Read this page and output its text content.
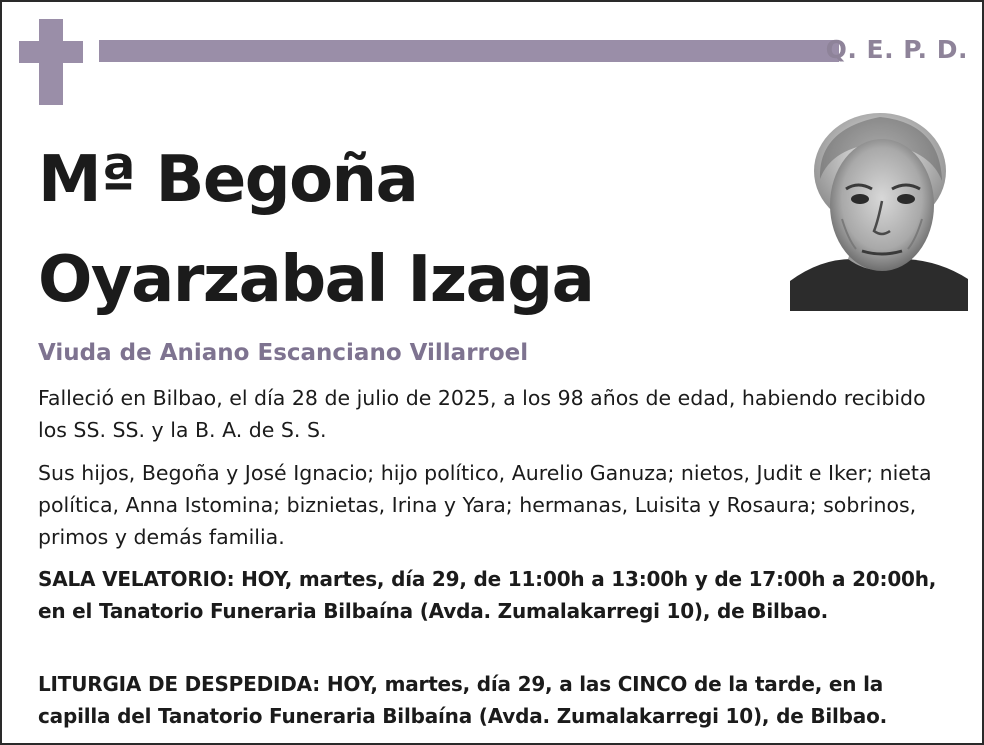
Q. E. P. D.
Mª Begoña
Oyarzabal Izaga
Viuda de Aniano Escanciano Villarroel

Falleció en Bilbao, el día 28 de julio de 2025, a los 98 años de edad, habiendo recibido los SS. SS. y la B. A. de S. S.

Sus hijos, Begoña y José Ignacio; hijo político, Aurelio Ganuza; nietos, Judit e Iker; nieta política, Anna Istomina; biznietas, Irina y Yara; hermanas, Luisita y Rosaura; sobrinos, primos y demás familia.

SALA VELATORIO: HOY, martes, día 29, de 11:00h a 13:00h y de 17:00h a 20:00h, en el Tanatorio Funeraria Bilbaína (Avda. Zumalakarregi 10), de Bilbao.

LITURGIA DE DESPEDIDA: HOY, martes, día 29, a las CINCO de la tarde, en la capilla del Tanatorio Funeraria Bilbaína (Avda. Zumalakarregi 10), de Bilbao.
